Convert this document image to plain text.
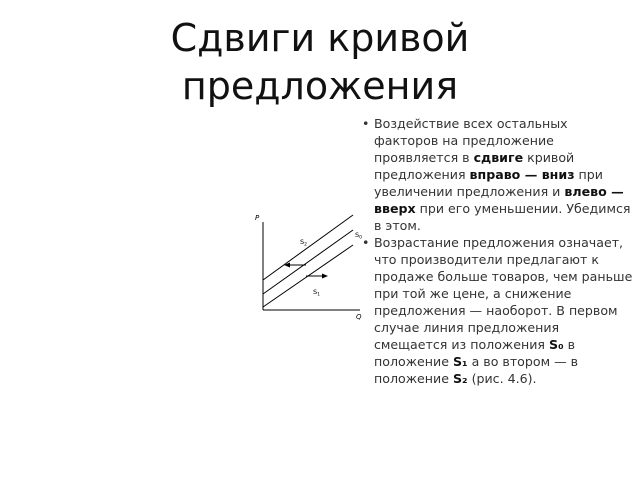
Сдвиги кривой
предложения
P
Q
$S_2$
$S_0$
$S_1$
• Воздействие всех остальных факторов на предложение проявляется в сдвиге кривой предложения вправо — вниз при увеличении предложения и влево — вверх при его уменьшении. Убедимся в этом.
• Возрастание предложения означает, что производители предлагают к продаже больше товаров, чем раньше при той же цене, а снижение предложения — наоборот. В первом случае линия предложения смещается из положения S₀ в положение S₁ а во втором — в положение S₂ (рис. 4.6).
